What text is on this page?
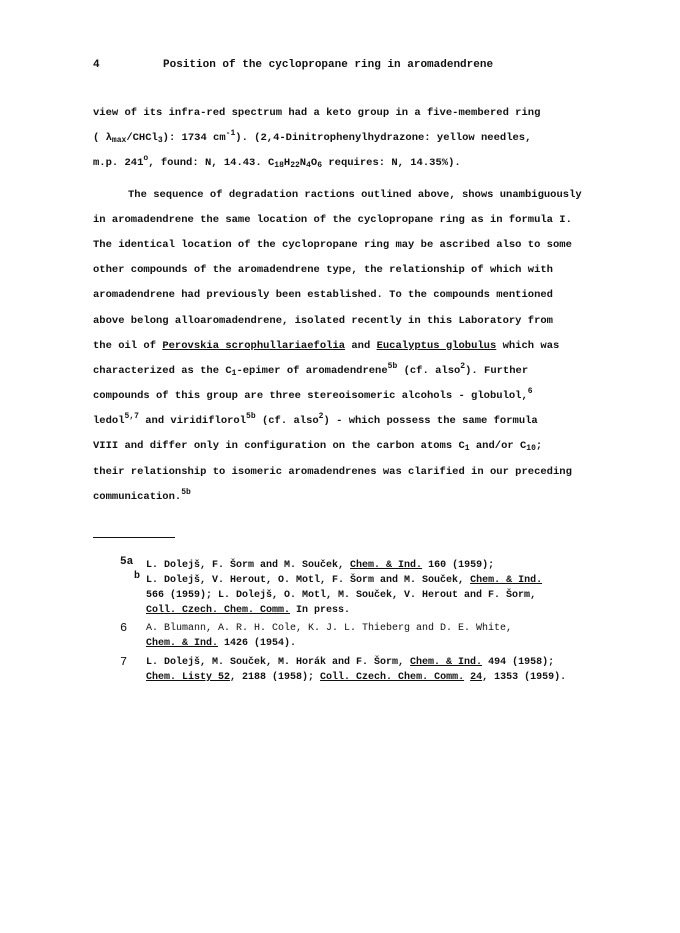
4	Position of the cyclopropane ring in aromadendrene
view of its infra-red spectrum had a keto group in a five-membered ring
( $\lambda_{max}/CHCl_3$): 1734 $cm^{-1}$). (2,4-Dinitrophenylhydrazone: yellow needles,
m.p. 241$^o$, found: N, 14.43. $C_{18}H_{22}N_4O_6$ requires: N, 14.35%).
The sequence of degradation ractions outlined above, shows unambiguously
in aromadendrene the same location of the cyclopropane ring as in formula I.
The identical location of the cyclopropane ring may be ascribed also to some
other compounds of the aromadendrene type, the relationship of which with
aromadendrene had previously been established. To the compounds mentioned
above belong alloaromadendrene, isolated recently in this Laboratory from
the oil of Perovskia scrophullariaefolia and Eucalyptus globulus which was
characterized as the $C_1$-epimer of aromadendrene$^{5b}$ (cf. also$^2$). Further
compounds of this group are three stereoisomeric alcohols - globulol,$^6$
ledol$^{5,7}$ and viridiflorol$^{5b}$ (cf. also$^2$) - which possess the same formula
VIII and differ only in configuration on the carbon atoms $C_1$ and/or $C_{10}$;
their relationship to isomeric aromadendrenes was clarified in our preceding
communication.$^{5b}$
5a
b
L. Dolejš, F. Šorm and M. Souček, Chem. & Ind. 160 (1959);
L. Dolejš, V. Herout, O. Motl, F. Šorm and M. Souček, Chem. & Ind.
566 (1959); L. Dolejš, O. Motl, M. Souček, V. Herout and F. Šorm,
Coll. Czech. Chem. Comm. In press.
6 A. Blumann, A. R. H. Cole, K. J. L. Thieberg and D. E. White,
Chem. & Ind. 1426 (1954).
7 L. Dolejš, M. Souček, M. Horák and F. Šorm, Chem. & Ind. 494 (1958);
Chem. Listy 52, 2188 (1958); Coll. Czech. Chem. Comm. 24, 1353 (1959).
